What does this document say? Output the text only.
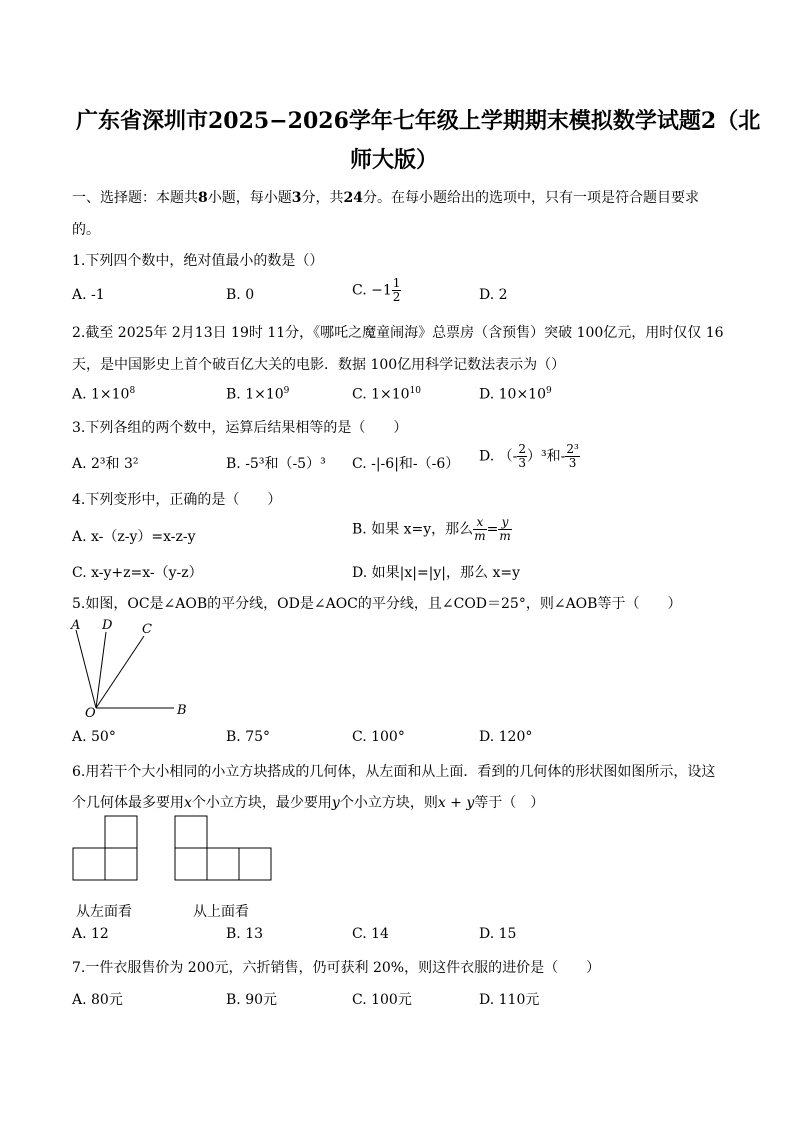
广东省深圳市2025−2026学年七年级上学期期末模拟数学试题2（北
师大版）
一、选择题：本题共8小题，每小题3分，共24分。在每小题给出的选项中，只有一项是符合题目要求
的。
1.下列四个数中，绝对值最小的数是（）
A. -1	B. 0	C. $-1 \frac{1}{2}$	D. 2
2.截至 2025年 2月13日 19时 11分，《哪吒之魔童闹海》总票房（含预售）突破 100亿元，用时仅仅 16
天，是中国影史上首个破百亿大关的电影．数据 100亿用科学记数法表示为（）
A. $1\times 10^8$	B. $1\times 10^9$	C. $1\times 10^{10}$	D. $10\times 10^9$
3.下列各组的两个数中，运算后结果相等的是（　　）
A. 2³和 3²	B. -5³和（-5）³ C. -|-6|和-（-6） D. （- $\frac{2}{3} )^3$和- $\frac{\text{2³}}{3}$
4.下列变形中，正确的是（　　）
A. x-（z-y）=x-z-y	B. 如果 x=y，那么 $\frac{x}{m} = \frac{y}{m}$
C. x-y+z=x-（y-z）	D. 如果|x|=|y|，那么 x=y
5.如图，OC是∠AOB的平分线，OD是∠AOC的平分线，且∠COD＝25°，则∠AOB等于（　　）
A D C
O	B
A. 50°	B. 75°	C. 100°	D. 120°
6.用若干个大小相同的小立方块搭成的几何体，从左面和从上面．看到的几何体的形状图如图所示，设这
个几何体最多要用x个小立方块，最少要用y个小立方块，则x + y等于（　）
从左面看	从上面看
A. 12	B. 13	C. 14	D. 15
7.一件衣服售价为 200元，六折销售，仍可获利 20%，则这件衣服的进价是（　　）
A. 80元	B. 90元	C. 100元	D. 110元
